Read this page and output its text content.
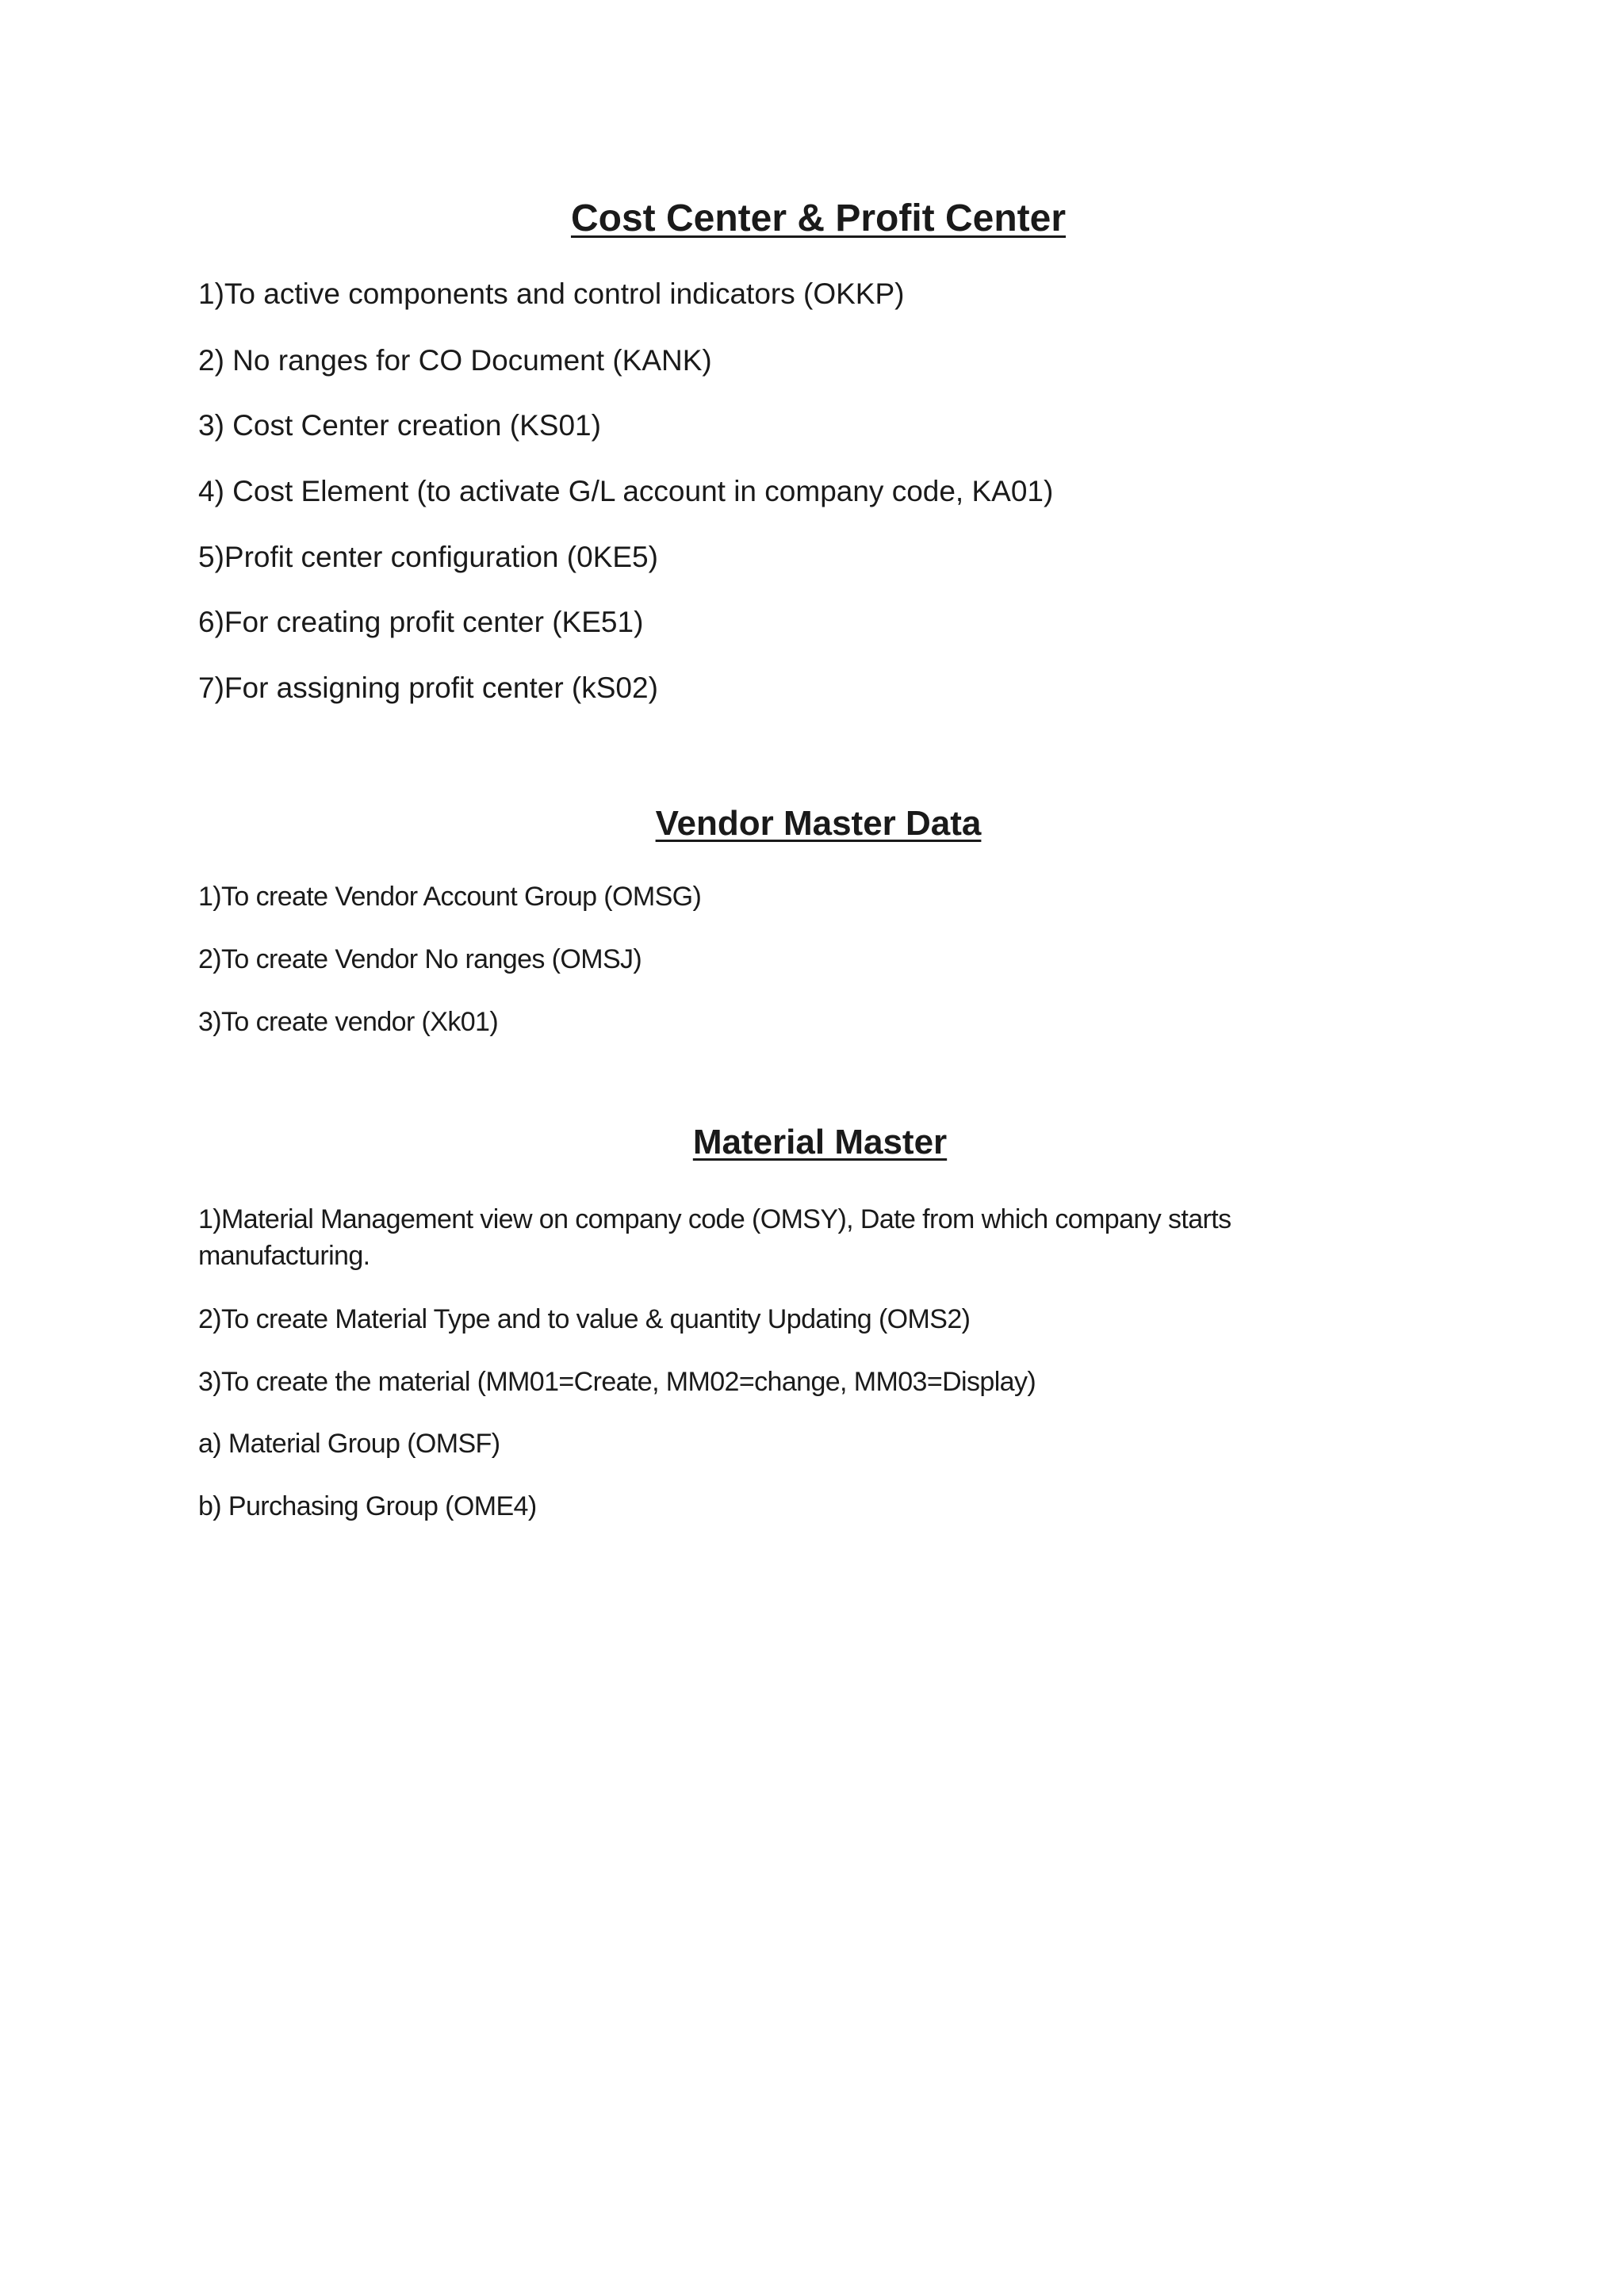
Cost Center & Profit Center
1)To active components and control indicators (OKKP)
2) No ranges for CO Document (KANK)
3) Cost Center creation (KS01)
4) Cost Element (to activate G/L account in company code, KA01)
5)Profit center configuration (0KE5)
6)For creating profit center (KE51)
7)For assigning profit center (kS02)
Vendor Master Data
1)To create Vendor Account Group (OMSG)
2)To create Vendor No ranges (OMSJ)
3)To create vendor (Xk01)
Material Master
1)Material Management view on company code (OMSY), Date from which company starts manufacturing.
2)To create Material Type and to value & quantity Updating (OMS2)
3)To create the material (MM01=Create, MM02=change, MM03=Display)
a) Material Group (OMSF)
b) Purchasing Group (OME4)
